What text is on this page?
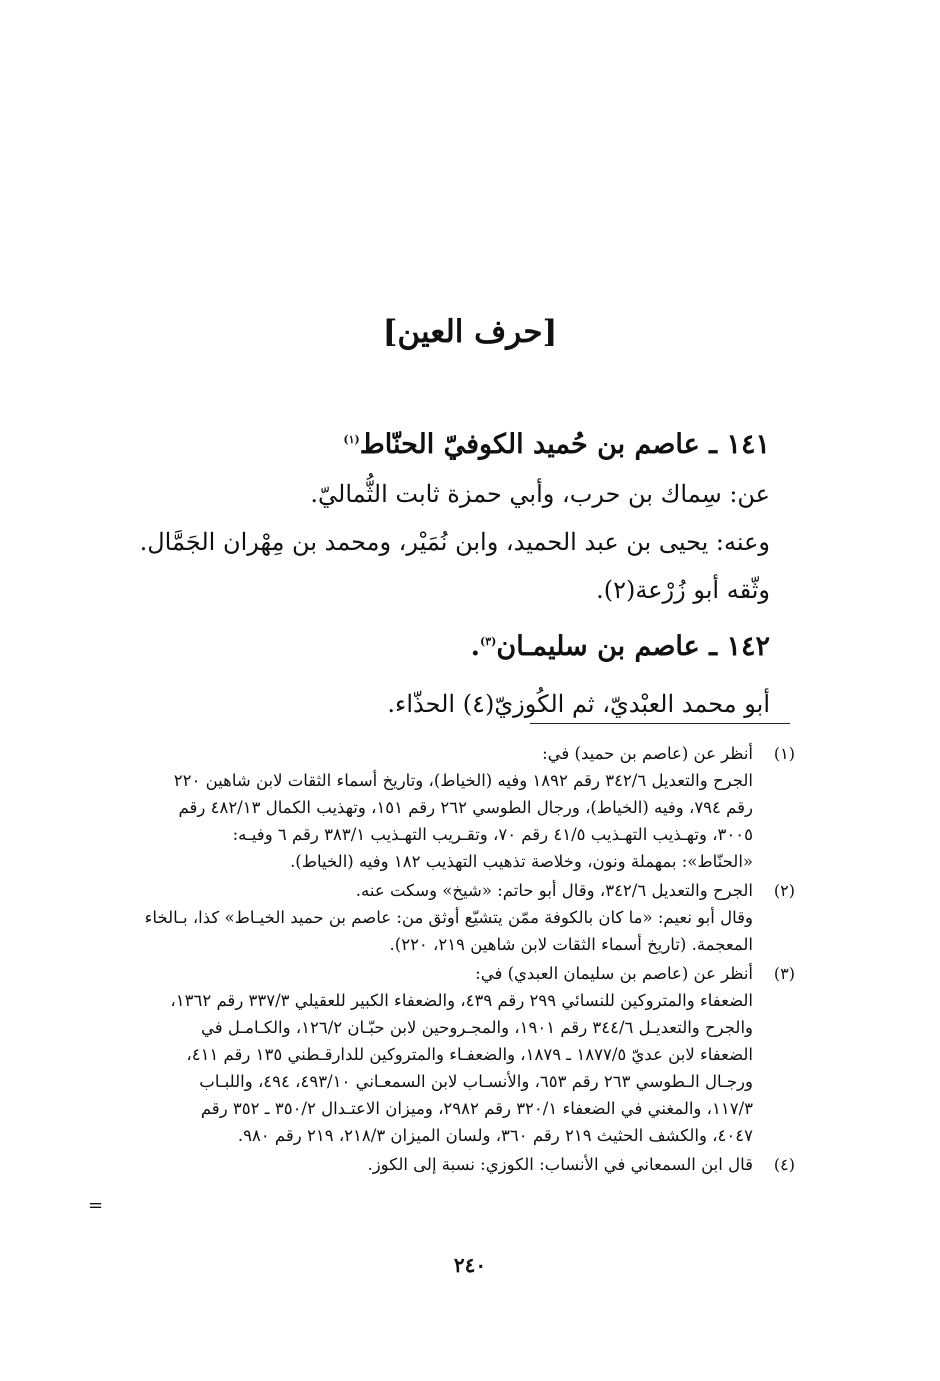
[حرف العين]

١٤١ ـ عاصم بن حُميد الكوفيّ الحنّاط$^{(١)}$

عن: سِماك بن حرب، وأبي حمزة ثابت الثُّماليّ.

وعنه: يحيى بن عبد الحميد، وابن نُمَيْر، ومحمد بن مِهْران الجَمَّال.

وثّقه أبو زُرْعة(٢).

١٤٢ ـ عاصم بن سليمـان$^{(٣)}$.

أبو محمد العبْديّ، ثم الكُوزيّ(٤) الحذّاء.

(١)

أنظر عن (عاصم بن حميد) في:

الجرح والتعديل ٣٤٢/٦ رقم ١٨٩٢ وفيه (الخياط)، وتاريخ أسماء الثقات لابن شاهين ٢٢٠

رقم ٧٩٤، وفيه (الخياط)، ورجال الطوسي ٢٦٢ رقم ١٥١، وتهذيب الكمال ٤٨٢/١٣ رقم

٣٠٠٥، وتهـذيب التهـذيب ٤١/٥ رقم ٧٠، وتقـريب التهـذيب ٣٨٣/١ رقم ٦ وفيـه:

«الحنّاط»: بمهملة ونون، وخلاصة تذهيب التهذيب ١٨٢ وفيه (الخياط).

(٢)

الجرح والتعديل ٣٤٢/٦، وقال أبو حاتم: «شيخ» وسكت عنه.

وقال أبو نعيم: «ما كان بالكوفة ممّن يتشيّع أوثق من: عاصم بن حميد الخيـاط» كذا، بـالخاء

المعجمة. (تاريخ أسماء الثقات لابن شاهين ٢١٩، ٢٢٠).

(٣)

أنظر عن (عاصم بن سليمان العبدي) في:

الضعفاء والمتروكين للنسائي ٢٩٩ رقم ٤٣٩، والضعفاء الكبير للعقيلي ٣٣٧/٣ رقم ١٣٦٢،

والجرح والتعديـل ٣٤٤/٦ رقم ١٩٠١، والمجـروحين لابن حبّـان ١٢٦/٢، والكـامـل في

الضعفاء لابن عديّ ١٨٧٧/٥ ـ ١٨٧٩، والضعفـاء والمتروكين للدارقـطني ١٣٥ رقم ٤١١،

ورجـال الـطوسي ٢٦٣ رقم ٦٥٣، والأنسـاب لابن السمعـاني ٤٩٣/١٠، ٤٩٤، واللبـاب

١١٧/٣، والمغني في الضعفاء ٣٢٠/١ رقم ٢٩٨٢، وميزان الاعتـدال ٣٥٠/٢ ـ ٣٥٢ رقم

٤٠٤٧، والكشف الحثيث ٢١٩ رقم ٣٦٠، ولسان الميزان ٢١٨/٣، ٢١٩ رقم ٩٨٠.

(٤)

قال ابن السمعاني في الأنساب: الكوزي: نسبة إلى الكوز.

=
٢٤٠
